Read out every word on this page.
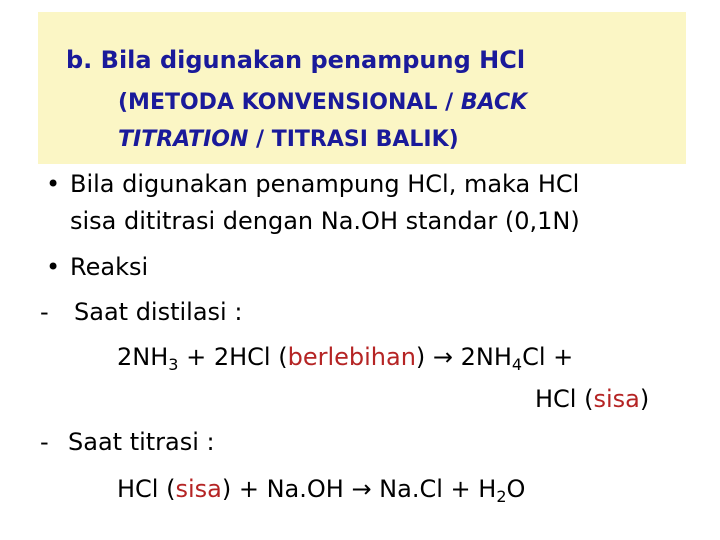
b. Bila digunakan penampung HCl
(METODA KONVENSIONAL / BACK
TITRATION / TITRASI BALIK)
• Bila digunakan penampung HCl, maka HCl
sisa dititrasi dengan Na.OH standar (0,1N)
• Reaksi
- Saat distilasi :
$2NH_3 + 2HCl$ (berlebihan) → $2NH_4Cl$ +
HCl (sisa)
- Saat titrasi :
HCl (sisa) + $Na.OH \to Na.Cl + H_2O$
